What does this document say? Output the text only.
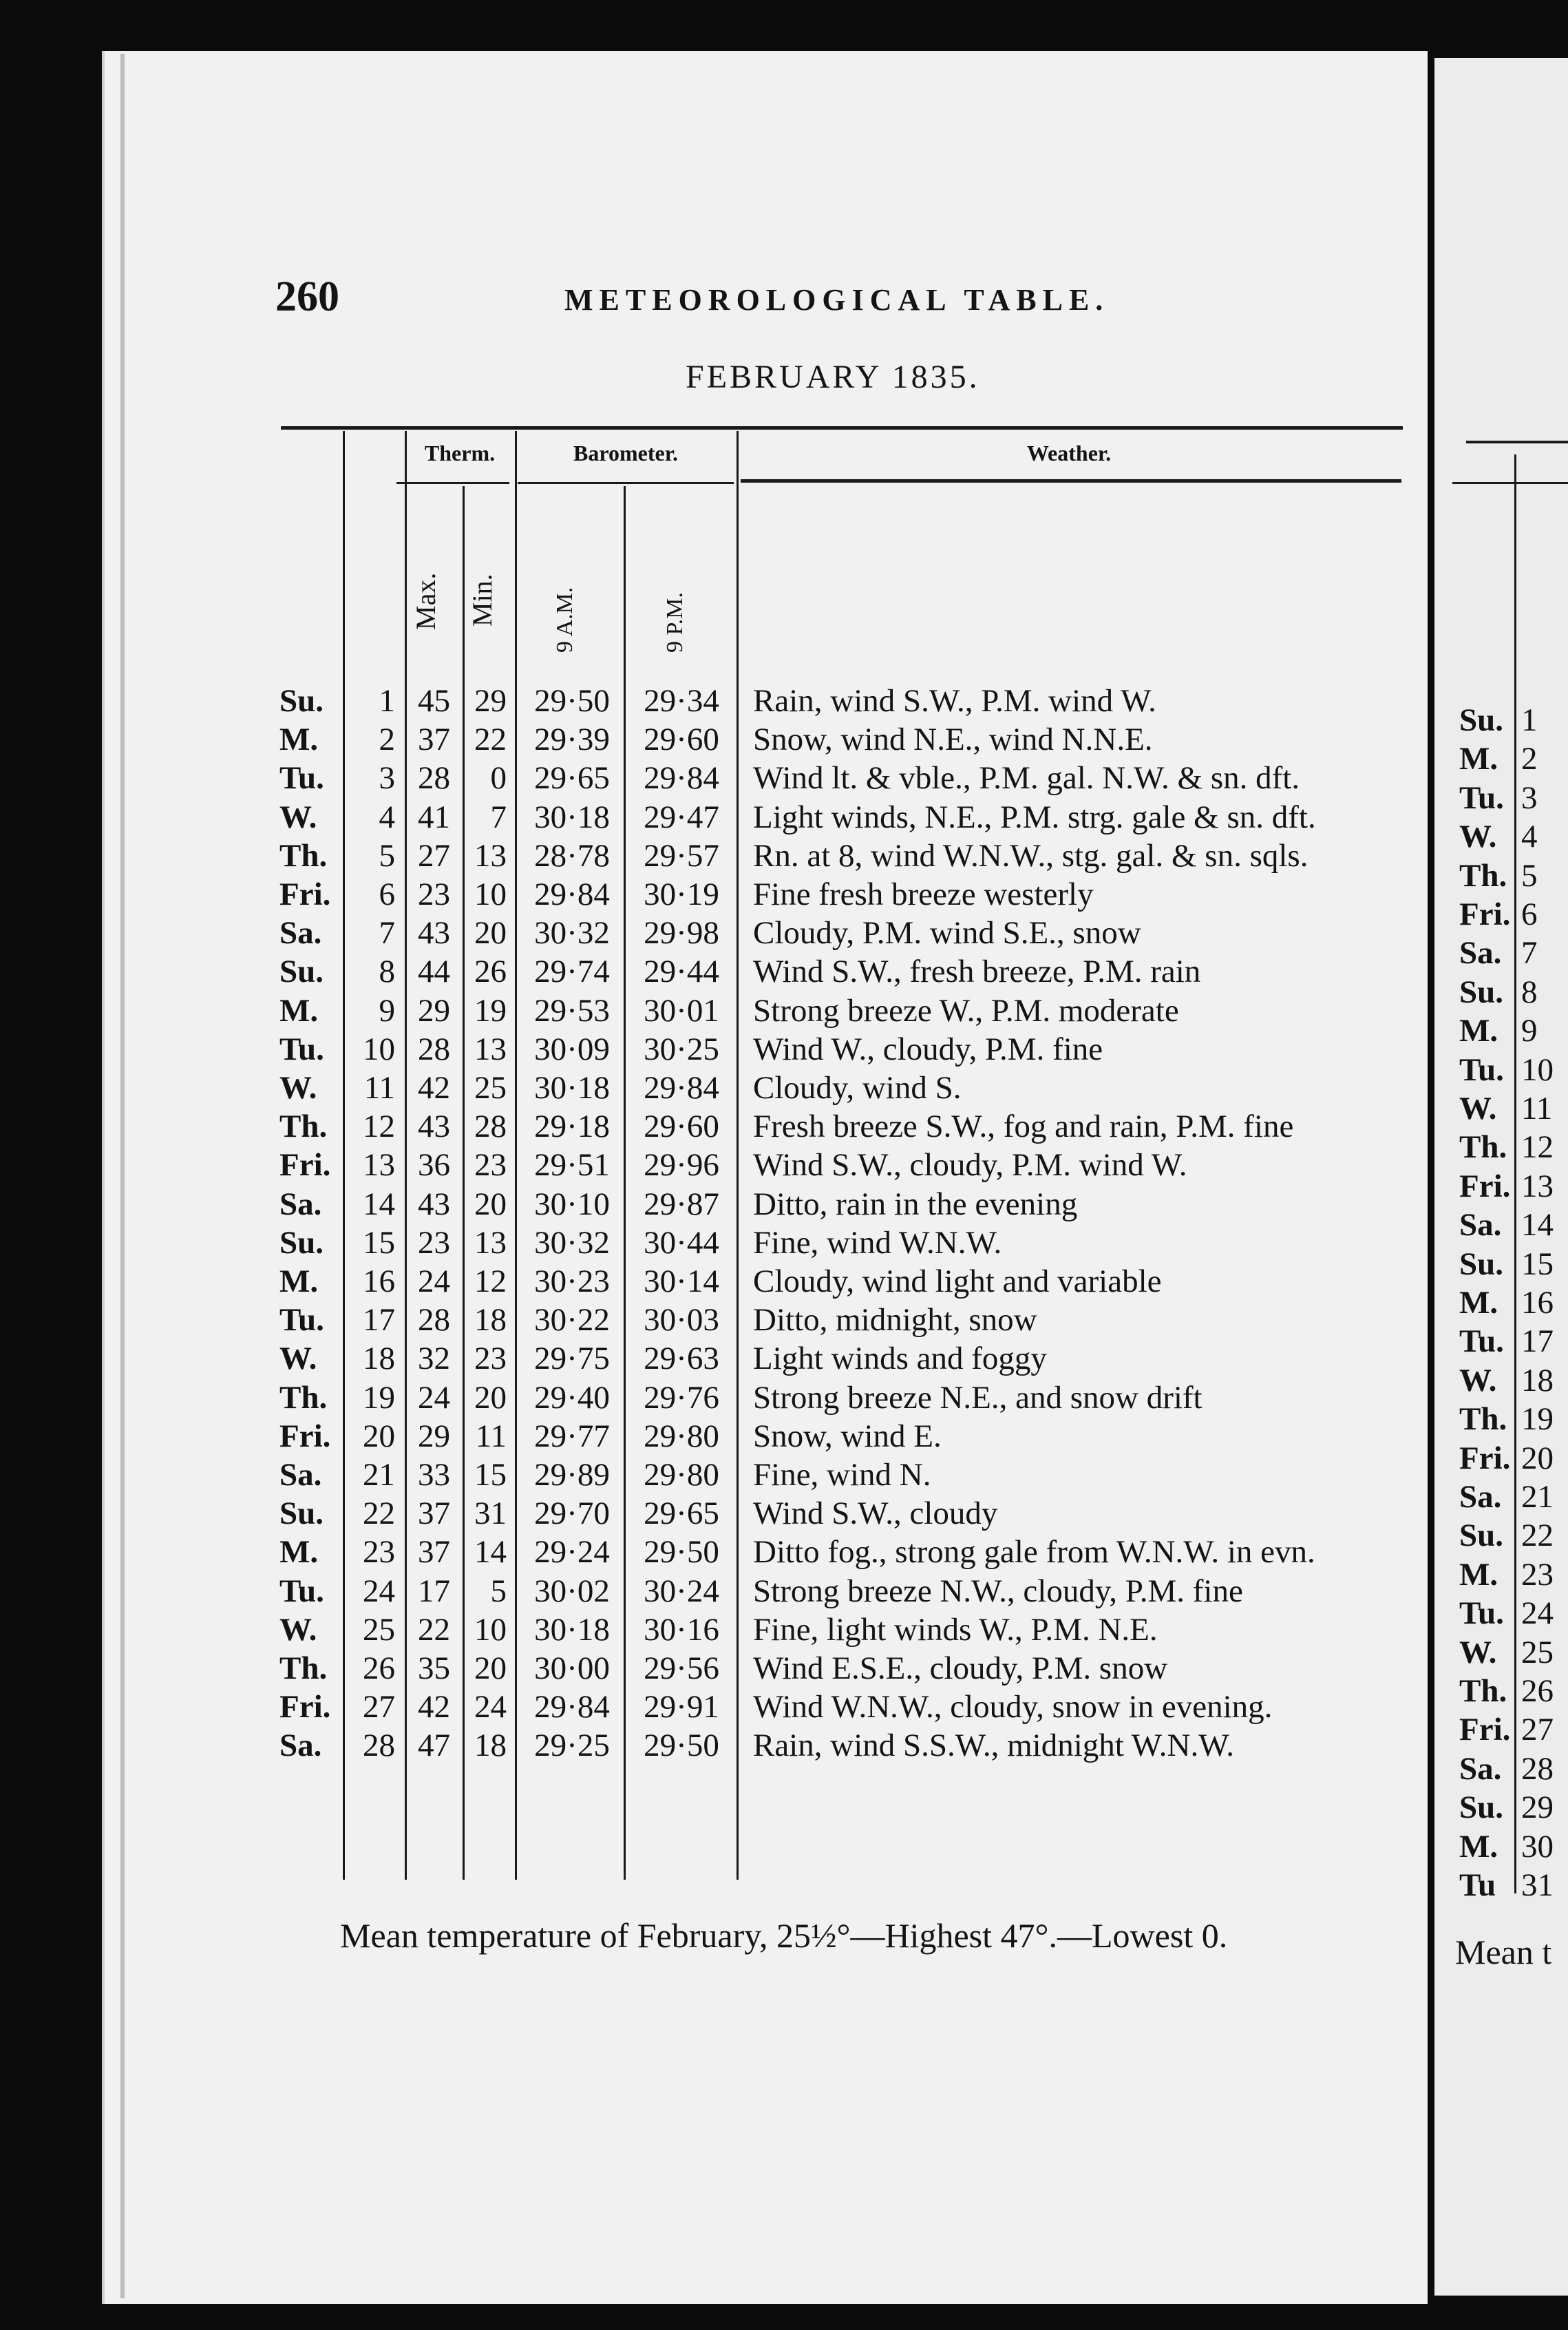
260	METEOROLOGICAL TABLE.
FEBRUARY 1835.
Therm.	Barometer.	Weather.
Max. Min. 9 A.M.	9 P.M.
Su.	1 45 29 29·50	29·34	Rain, wind S.W., P.M. wind W.
M.	2 37 22 29·39	29·60	Snow, wind N.E., wind N.N.E.
Tu.	3 28	0 29·65	29·84	Wind lt. & vble., P.M. gal. N.W. & sn. dft.
W.	4 41	7 30·18	29·47	Light winds, N.E., P.M. strg. gale & sn. dft.
Th.	5 27 13 28·78	29·57	Rn. at 8, wind W.N.W., stg. gal. & sn. sqls.
Fri.	6 23 10 29·84	30·19	Fine fresh breeze westerly
Sa.	7 43 20 30·32	29·98	Cloudy, P.M. wind S.E., snow
Su.	8 44 26 29·74	29·44	Wind S.W., fresh breeze, P.M. rain
M.	9 29 19 29·53	30·01	Strong breeze W., P.M. moderate
Tu.	10 28 13 30·09	30·25	Wind W., cloudy, P.M. fine
W.	11 42 25 30·18	29·84	Cloudy, wind S.
Th.	12 43 28 29·18	29·60	Fresh breeze S.W., fog and rain, P.M. fine
Fri. 13 36 23 29·51	29·96	Wind S.W., cloudy, P.M. wind W.
Sa.	14 43 20 30·10	29·87	Ditto, rain in the evening
Su.	15 23 13 30·32	30·44	Fine, wind W.N.W.
M.	16 24 12 30·23	30·14	Cloudy, wind light and variable
Tu.	17 28 18 30·22	30·03	Ditto, midnight, snow
W.	18 32 23 29·75	29·63	Light winds and foggy
Th.	19 24 20 29·40	29·76	Strong breeze N.E., and snow drift
Fri. 20 29 11 29·77	29·80	Snow, wind E.
Sa.	21 33 15 29·89	29·80	Fine, wind N.
Su.	22 37 31 29·70	29·65	Wind S.W., cloudy
M.	23 37 14 29·24	29·50	Ditto fog., strong gale from W.N.W. in evn.
Tu.	24 17	5 30·02	30·24	Strong breeze N.W., cloudy, P.M. fine
W.	25 22 10 30·18	30·16	Fine, light winds W., P.M. N.E.
Th.	26 35 20 30·00	29·56	Wind E.S.E., cloudy, P.M. snow
Fri. 27 42 24 29·84	29·91	Wind W.N.W., cloudy, snow in evening.
Sa.	28 47 18 29·25	29·50	Rain, wind S.S.W., midnight W.N.W.
Mean temperature of February, 25½°—Highest 47°.—Lowest 0.
Su. 1
M. 2
Tu. 3
W. 4
Th. 5
Fri. 6
Sa. 7
Su. 8
M. 9
Tu. 10
W. 11
Th. 12
Fri. 13
Sa. 14
Su. 15
M. 16
Tu. 17
W. 18
Th. 19
Fri. 20
Sa. 21
Su. 22
M. 23
Tu. 24
W. 25
Th. 26
Fri. 27
Sa. 28
Su. 29
M. 30
Tu 31
Mean t
